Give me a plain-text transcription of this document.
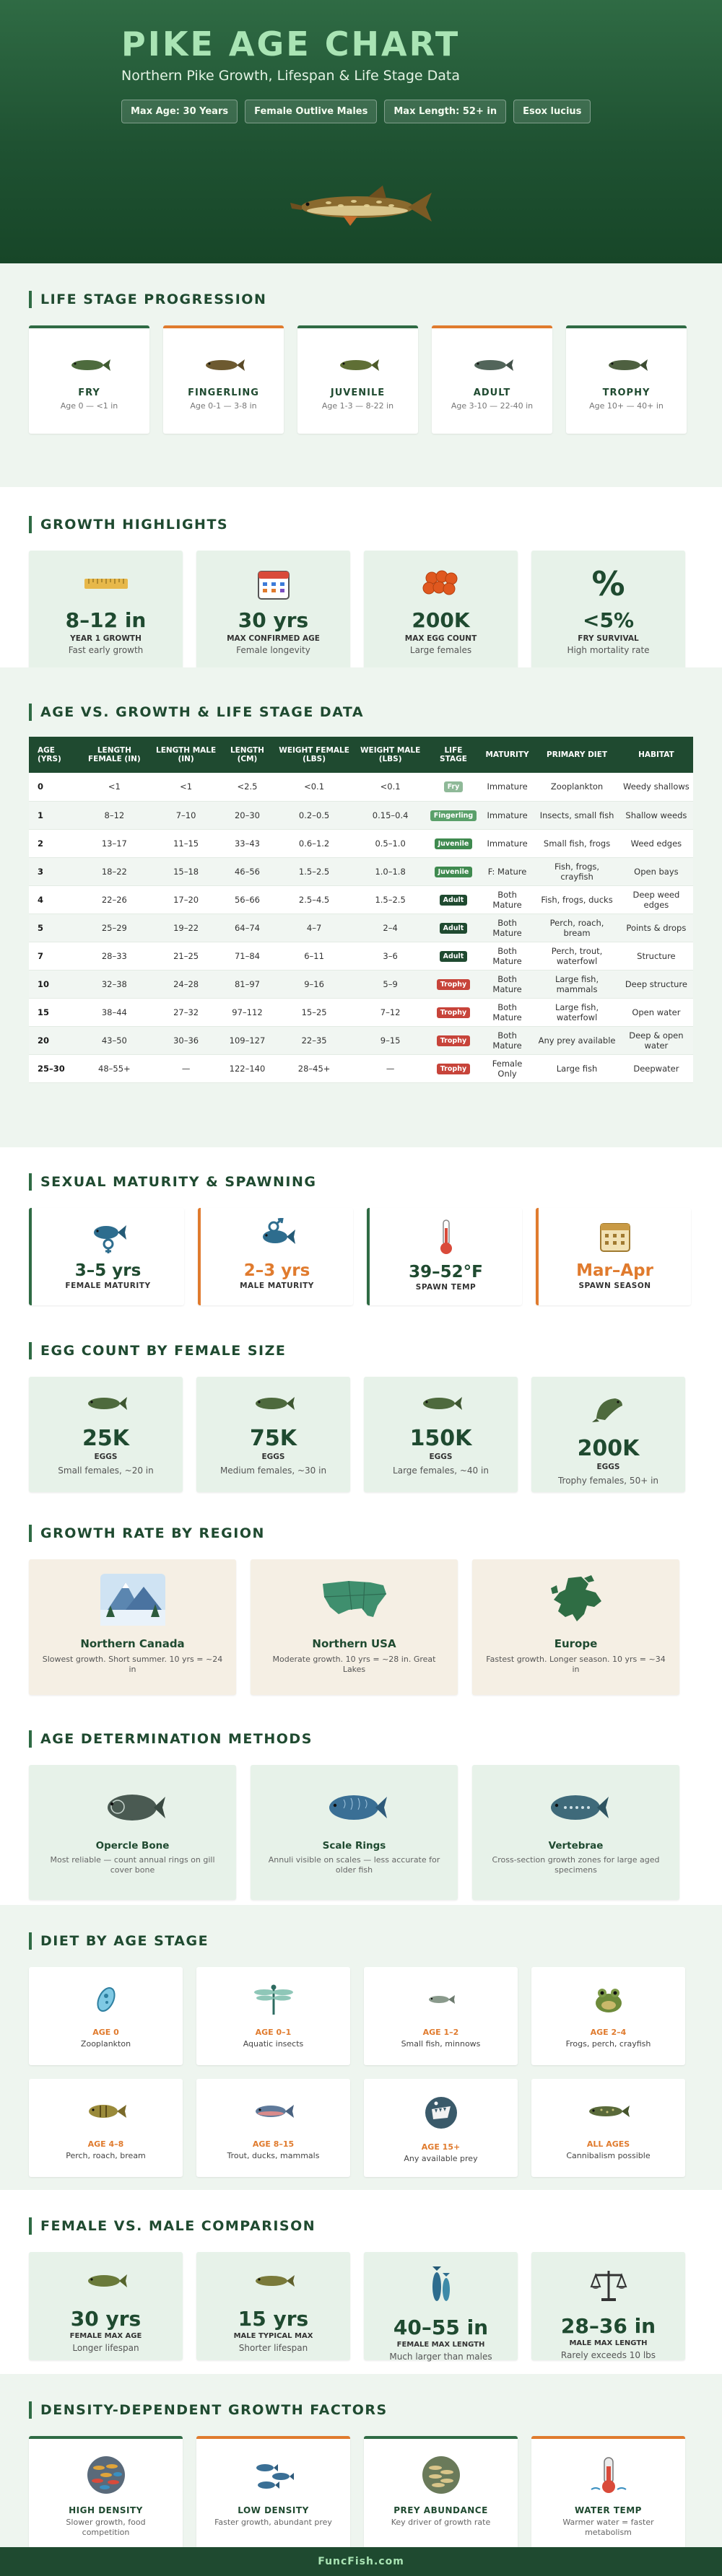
PIKE AGE CHART
Northern Pike Growth, Lifespan & Life Stage Data
Max Age: 30 Years	Female Outlive Males	Max Length: 52+ in	Esox lucius
LIFE STAGE PROGRESSION
FRY
Age 0 — <1 in
FINGERLING
Age 0-1 — 3-8 in
JUVENILE
Age 1-3 — 8-22 in
ADULT
Age 3-10 — 22-40 in
TROPHY
Age 10+ — 40+ in
GROWTH HIGHLIGHTS
8–12 in
YEAR 1 GROWTH
Fast early growth
30 yrs
MAX CONFIRMED AGE
Female longevity
200K
MAX EGG COUNT
Large females
%
<5%
FRY SURVIVAL
High mortality rate
AGE VS. GROWTH & LIFE STAGE DATA
AGE (YRS)	LENGTH FEMALE (IN)	LENGTH MALE (IN)	LENGTH (CM)	WEIGHT FEMALE (LBS)	WEIGHT MALE (LBS)	LIFE STAGE	MATURITY	PRIMARY DIET	HABITAT
0	<1	<1	<2.5	<0.1	<0.1	Fry	Immature	Zooplankton	Weedy shallows
1	8–12	7–10	20–30	0.2–0.5	0.15–0.4	Fingerling	Immature	Insects, small fish	Shallow weeds
2	13–17	11–15	33–43	0.6–1.2	0.5–1.0	Juvenile	Immature	Small fish, frogs	Weed edges
3	18–22	15–18	46–56	1.5–2.5	1.0–1.8	Juvenile	F: Mature	Fish, frogs, crayfish	Open bays
4	22–26	17–20	56–66	2.5–4.5	1.5–2.5	Adult	Both Mature	Fish, frogs, ducks	Deep weed edges
5	25–29	19–22	64–74	4–7	2–4	Adult	Both Mature	Perch, roach, bream	Points & drops
7	28–33	21–25	71–84	6–11	3–6	Adult	Both Mature	Perch, trout, waterfowl	Structure
10	32–38	24–28	81–97	9–16	5–9	Trophy	Both Mature	Large fish, mammals	Deep structure
15	38–44	27–32	97–112	15–25	7–12	Trophy	Both Mature	Large fish, waterfowl	Open water
20	43–50	30–36	109–127	22–35	9–15	Trophy	Both Mature	Any prey available	Deep & open water
25–30	48–55+	—	122–140	28–45+	—	Trophy	Female Only	Large fish	Deepwater
SEXUAL MATURITY & SPAWNING
3–5 yrs
FEMALE MATURITY
2–3 yrs
MALE MATURITY
39–52°F
SPAWN TEMP
Mar–Apr
SPAWN SEASON
EGG COUNT BY FEMALE SIZE
25K
EGGS
Small females, ~20 in
75K
EGGS
Medium females, ~30 in
150K
EGGS
Large females, ~40 in
200K
EGGS
Trophy females, 50+ in
GROWTH RATE BY REGION
Northern Canada
Slowest growth. Short summer. 10 yrs = ~24 in
Northern USA
Moderate growth. 10 yrs = ~28 in. Great Lakes
Europe
Fastest growth. Longer season. 10 yrs = ~34 in
AGE DETERMINATION METHODS
Opercle Bone
Most reliable — count annual rings on gill cover bone
Scale Rings
Annuli visible on scales — less accurate for older fish
Vertebrae
Cross-section growth zones for large aged specimens
DIET BY AGE STAGE
AGE 0
Zooplankton
AGE 0–1
Aquatic insects
AGE 1–2
Small fish, minnows
AGE 2–4
Frogs, perch, crayfish
AGE 4–8
Perch, roach, bream
AGE 8–15
Trout, ducks, mammals
AGE 15+
Any available prey
ALL AGES
Cannibalism possible
FEMALE VS. MALE COMPARISON
30 yrs
FEMALE MAX AGE
Longer lifespan
15 yrs
MALE TYPICAL MAX
Shorter lifespan
40–55 in
FEMALE MAX LENGTH
Much larger than males
28–36 in
MALE MAX LENGTH
Rarely exceeds 10 lbs
DENSITY-DEPENDENT GROWTH FACTORS
HIGH DENSITY
Slower growth, food competition
LOW DENSITY
Faster growth, abundant prey
PREY ABUNDANCE
Key driver of growth rate
WATER TEMP
Warmer water = faster metabolism
FuncFish.com
